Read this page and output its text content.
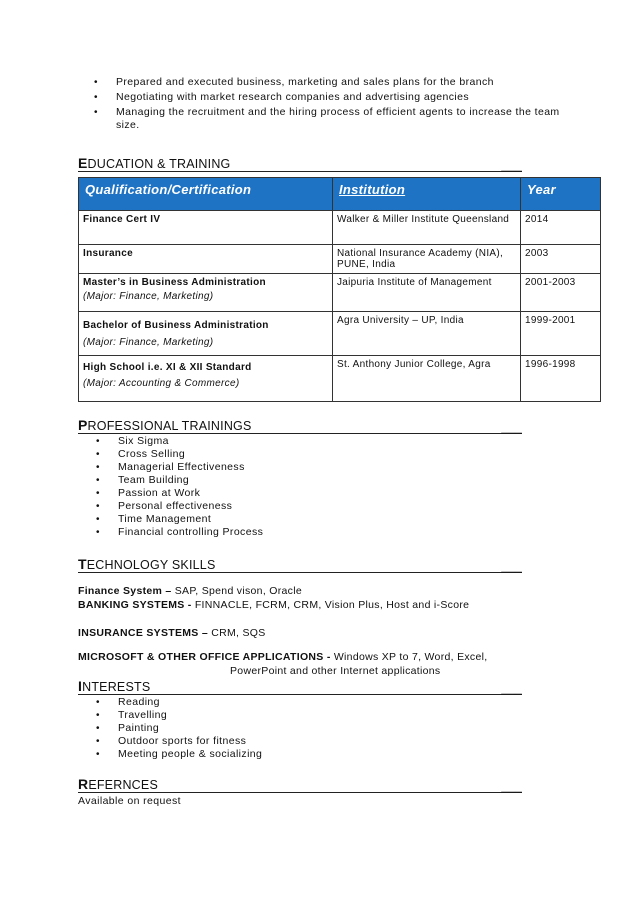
• Prepared and executed business, marketing and sales plans for the branch
• Negotiating with market research companies and advertising agencies
• Managing the recruitment and the hiring process of efficient agents to increase the team size.
EDUCATION & TRAINING	___
Qualification/Certification	Institution	Year
Finance Cert IV	Walker & Miller Institute Queensland	2014
Insurance	National Insurance Academy (NIA), PUNE, India	2003
Master’s in Business Administration
(Major: Finance, Marketing)	Jaipuria Institute of Management	2001-2003
Bachelor of Business Administration
(Major: Finance, Marketing)	Agra University – UP, India	1999-2001
High School i.e. XI & XII Standard
(Major: Accounting & Commerce)	St. Anthony Junior College, Agra	1996-1998
PROFESSIONAL TRAININGS	___
• Six Sigma
• Cross Selling
• Managerial Effectiveness
• Team Building
• Passion at Work
• Personal effectiveness
• Time Management
• Financial controlling Process
TECHNOLOGY SKILLS	___
Finance System – SAP, Spend vison, Oracle
BANKING SYSTEMS - FINNACLE, FCRM, CRM, Vision Plus, Host and i-Score
INSURANCE SYSTEMS – CRM, SQS
MICROSOFT & OTHER OFFICE APPLICATIONS - Windows XP to 7, Word, Excel,
PowerPoint and other Internet applications
INTERESTS	___
• Reading
• Travelling
• Painting
• Outdoor sports for fitness
• Meeting people & socializing
REFERNCES	___
Available on request
